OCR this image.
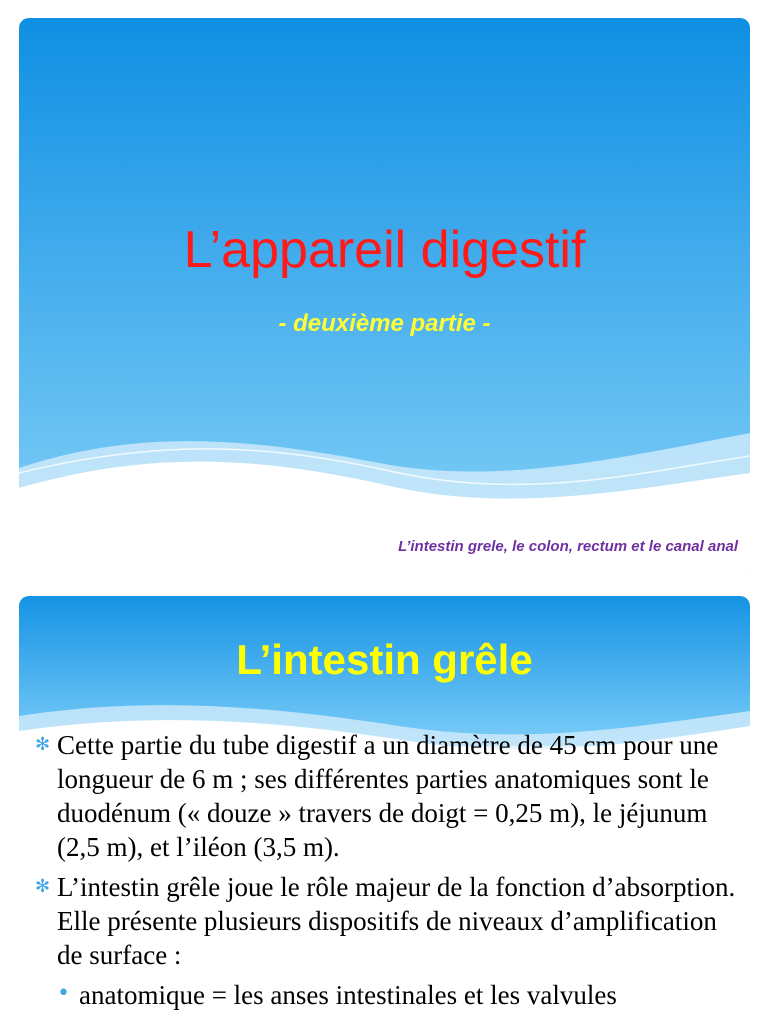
L’appareil digestif
- deuxième partie -
L’intestin grele, le colon, rectum et le canal anal
L’intestin grêle
✻ Cette partie du tube digestif a un diamètre de 45 cm pour une longueur de 6 m ; ses différentes parties anatomiques sont le duodénum (« douze » travers de doigt = 0,25 m), le jéjunum (2,5 m), et l’iléon (3,5 m).
✻ L’intestin grêle joue le rôle majeur de la fonction d’absorption. Elle présente plusieurs dispositifs de niveaux d’amplification de surface :
• anatomique = les anses intestinales et les valvules
